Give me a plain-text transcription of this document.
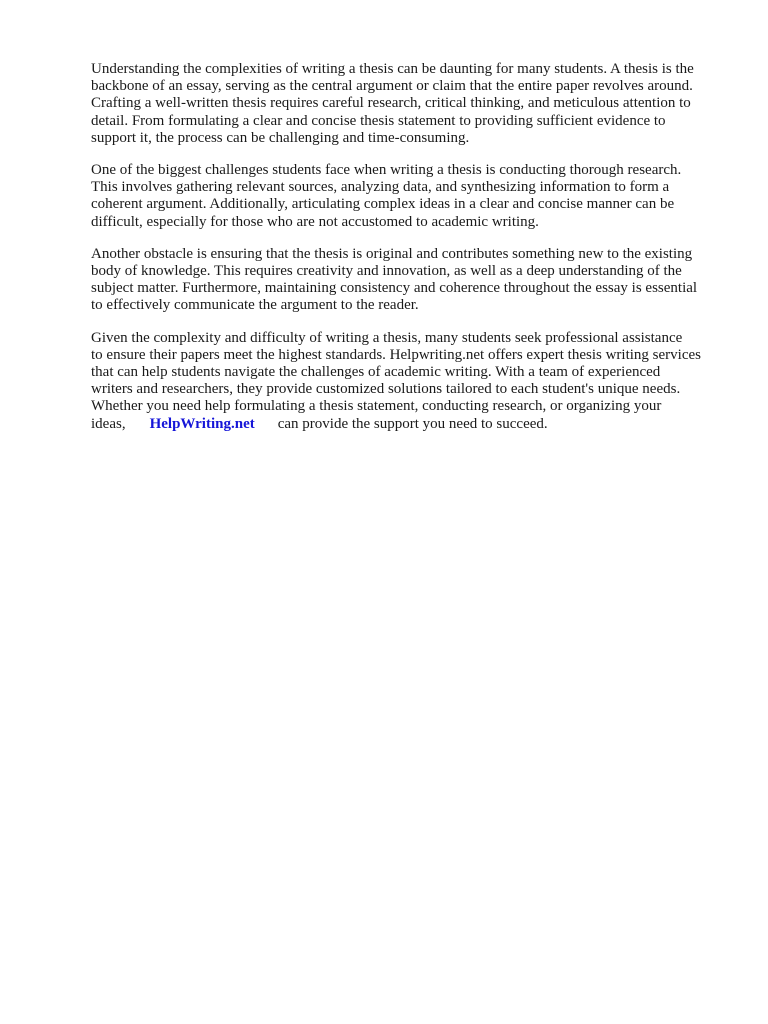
Understanding the complexities of writing a thesis can be daunting for many students. A thesis is the
backbone of an essay, serving as the central argument or claim that the entire paper revolves around.
Crafting a well-written thesis requires careful research, critical thinking, and meticulous attention to
detail. From formulating a clear and concise thesis statement to providing sufficient evidence to
support it, the process can be challenging and time-consuming.

One of the biggest challenges students face when writing a thesis is conducting thorough research.
This involves gathering relevant sources, analyzing data, and synthesizing information to form a
coherent argument. Additionally, articulating complex ideas in a clear and concise manner can be
difficult, especially for those who are not accustomed to academic writing.

Another obstacle is ensuring that the thesis is original and contributes something new to the existing
body of knowledge. This requires creativity and innovation, as well as a deep understanding of the
subject matter. Furthermore, maintaining consistency and coherence throughout the essay is essential
to effectively communicate the argument to the reader.

Given the complexity and difficulty of writing a thesis, many students seek professional assistance
to ensure their papers meet the highest standards. Helpwriting.net offers expert thesis writing services
that can help students navigate the challenges of academic writing. With a team of experienced
writers and researchers, they provide customized solutions tailored to each student's unique needs.
Whether you need help formulating a thesis statement, conducting research, or organizing your
ideas, HelpWriting.net can provide the support you need to succeed.
